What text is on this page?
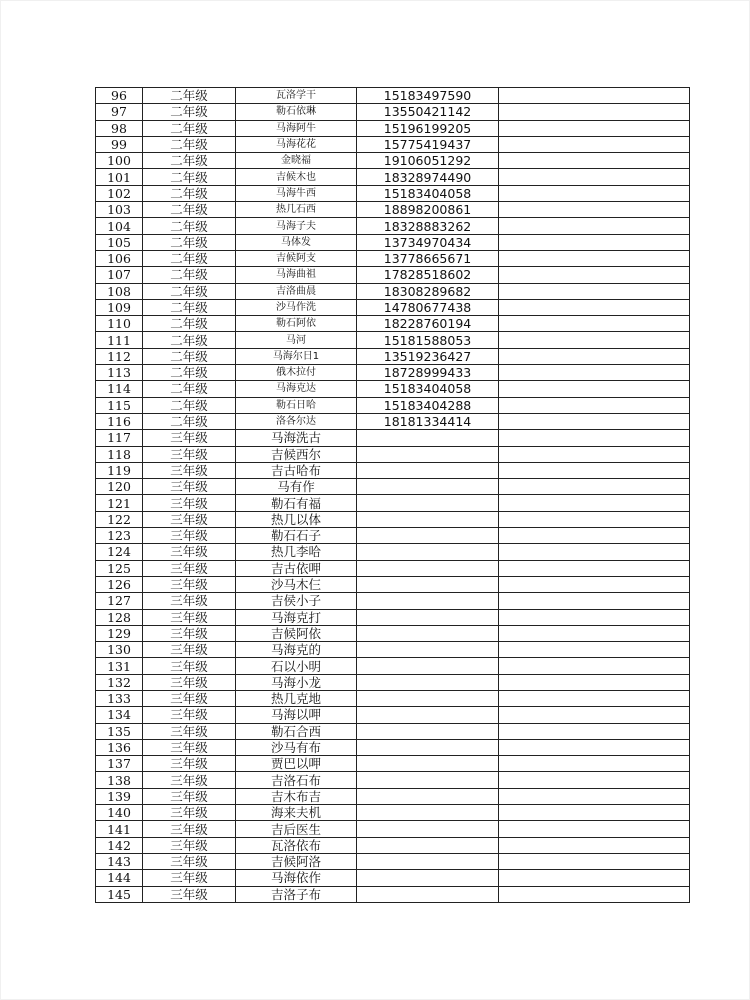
96	二年级	瓦洛学干	15183497590	
97	二年级	勒石依琳	13550421142	
98	二年级	马海阿牛	15196199205	
99	二年级	马海花花	15775419437	
100	二年级	金晓福	19106051292	
101	二年级	吉候木也	18328974490	
102	二年级	马海牛西	15183404058	
103	二年级	热几石西	18898200861	
104	二年级	马海子夫	18328883262	
105	二年级	马体发	13734970434	
106	二年级	吉候阿支	13778665671	
107	二年级	马海曲祖	17828518602	
108	二年级	吉洛曲晨	18308289682	
109	二年级	沙马作洗	14780677438	
110	二年级	勒石阿依	18228760194	
111	二年级	马河	15181588053	
112	二年级	马海尔日1	13519236427	
113	二年级	俄木拉付	18728999433	
114	二年级	马海克达	15183404058	
115	二年级	勒石日哈	15183404288	
116	二年级	洛各尔达	18181334414	
117	三年级	马海洗古		
118	三年级	吉候西尔		
119	三年级	吉古哈布		
120	三年级	马有作		
121	三年级	勒石有福		
122	三年级	热几以体		
123	三年级	勒石石子		
124	三年级	热几李哈		
125	三年级	吉古依呷		
126	三年级	沙马木仨		
127	三年级	吉侯小子		
128	三年级	马海克打		
129	三年级	吉候阿依		
130	三年级	马海克的		
131	三年级	石以小明		
132	三年级	马海小龙		
133	三年级	热几克地		
134	三年级	马海以呷		
135	三年级	勒石合西		
136	三年级	沙马有布		
137	三年级	贾巴以呷		
138	三年级	吉洛石布		
139	三年级	吉木布吉		
140	三年级	海来夫机		
141	三年级	吉后医生		
142	三年级	瓦洛依布		
143	三年级	吉候阿洛		
144	三年级	马海依作		
145	三年级	吉洛子布		
